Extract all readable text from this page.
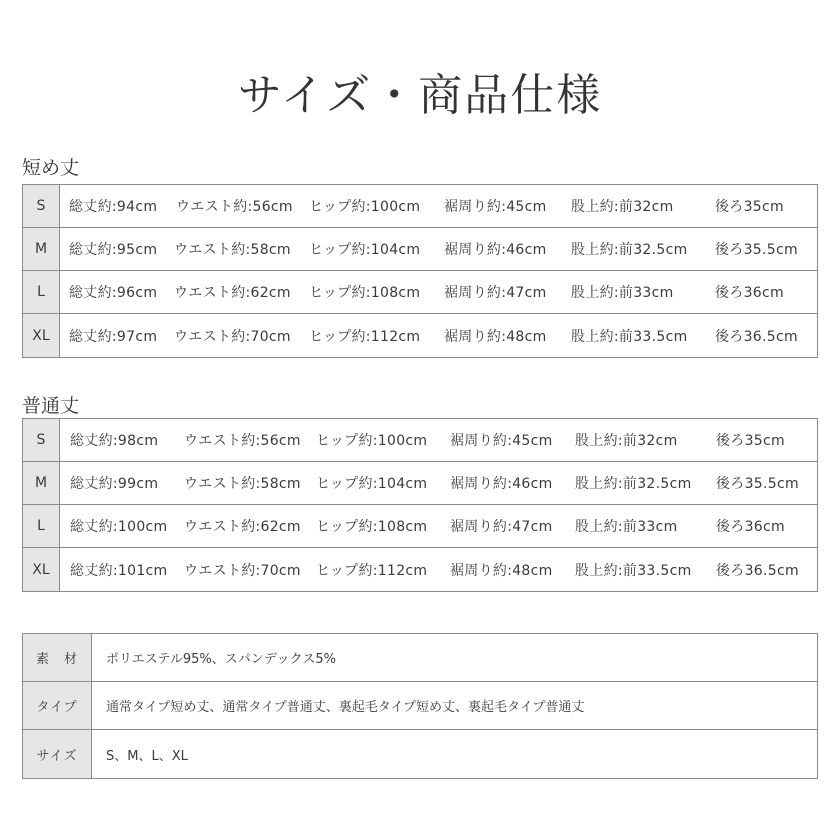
サイズ・商品仕様
短め丈
S	総丈約:94cm ウエスト約:56cm ヒップ約:100cm 裾周り約:45cm 股上約:前32cm	後ろ35cm
M	総丈約:95cm ウエスト約:58cm ヒップ約:104cm 裾周り約:46cm 股上約:前32.5cm 後ろ35.5cm
L	総丈約:96cm ウエスト約:62cm ヒップ約:108cm 裾周り約:47cm 股上約:前33cm	後ろ36cm
XL	総丈約:97cm ウエスト約:70cm ヒップ約:112cm 裾周り約:48cm 股上約:前33.5cm 後ろ36.5cm
普通丈
S	総丈約:98cm ウエスト約:56cm ヒップ約:100cm 裾周り約:45cm 股上約:前32cm	後ろ35cm
M	総丈約:99cm ウエスト約:58cm ヒップ約:104cm 裾周り約:46cm 股上約:前32.5cm 後ろ35.5cm
L	総丈約:100cm ウエスト約:62cm ヒップ約:108cm 裾周り約:47cm 股上約:前33cm	後ろ36cm
XL	総丈約:101cm ウエスト約:70cm ヒップ約:112cm 裾周り約:48cm 股上約:前33.5cm 後ろ36.5cm
素　材	ポリエステル95%、スパンデックス5%
タイプ	通常タイプ短め丈、通常タイプ普通丈、裏起毛タイプ短め丈、裏起毛タイプ普通丈
サイズ	S、M、L、XL
